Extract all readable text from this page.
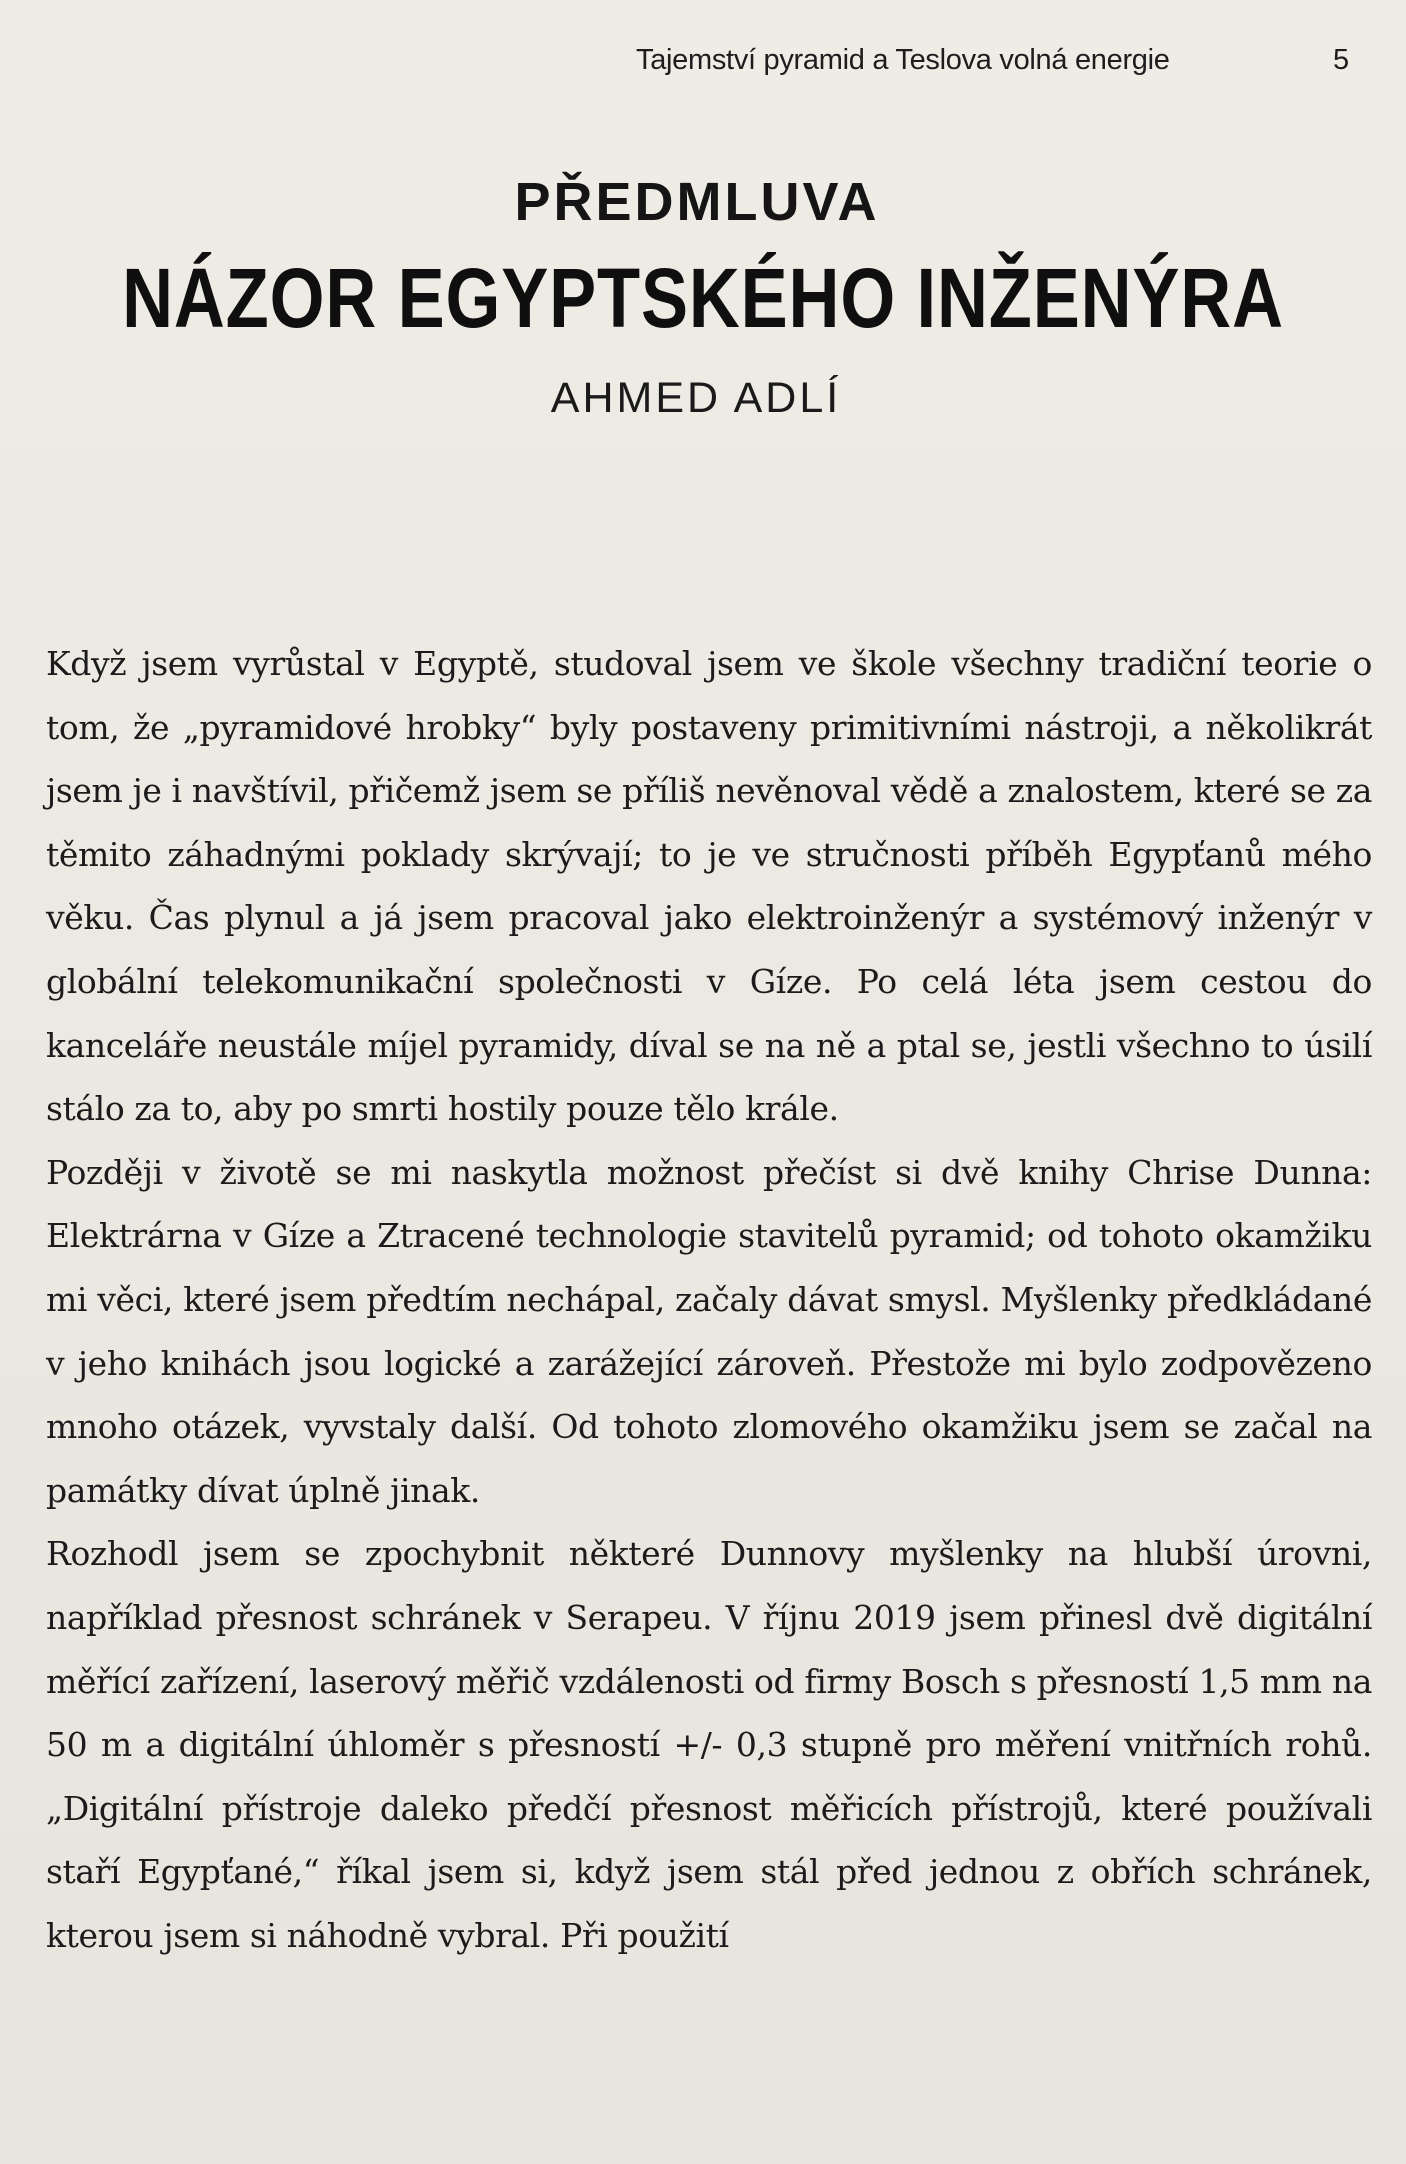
Tajemství pyramid a Teslova volná energie	5
PŘEDMLUVA
NÁZOR EGYPTSKÉHO INŽENÝRA
AHMED ADLÍ

Když jsem vyrůstal v Egyptě, studoval jsem ve škole všechny tradiční teorie o tom, že „pyramidové hrobky“ byly postaveny primitivními nástroji, a několikrát jsem je i navštívil, přičemž jsem se příliš nevěnoval vědě a znalostem, které se za těmito záhadnými poklady skrývají; to je ve stručnosti příběh Egypťanů mého věku. Čas plynul a já jsem pracoval jako elektroinženýr a systémový inženýr v globální telekomunikační společnosti v Gíze. Po celá léta jsem cestou do kanceláře neustále míjel pyramidy, díval se na ně a ptal se, jestli všechno to úsilí stálo za to, aby po smrti hostily pouze tělo krále.

Později v životě se mi naskytla možnost přečíst si dvě knihy Chrise Dunna: Elektrárna v Gíze a Ztracené technologie stavitelů pyramid; od tohoto okamžiku mi věci, které jsem předtím nechápal, začaly dávat smysl. Myšlenky předkládané v jeho knihách jsou logické a zarážející zároveň. Přestože mi bylo zodpovězeno mnoho otázek, vyvstaly další. Od tohoto zlomového okamžiku jsem se začal na památky dívat úplně jinak.

Rozhodl jsem se zpochybnit některé Dunnovy myšlenky na hlubší úrovni, například přesnost schránek v Serapeu. V říjnu 2019 jsem přinesl dvě digitální měřící zařízení, laserový měřič vzdálenosti od firmy Bosch s přesností 1,5 mm na 50 m a digitální úhloměr s přesností +/- 0,3 stupně pro měření vnitřních rohů. „Digitální přístroje daleko předčí přesnost měřicích přístrojů, které používali staří Egypťané,“ říkal jsem si, když jsem stál před jednou z obřích schránek, kterou jsem si náhodně vybral. Při použití
